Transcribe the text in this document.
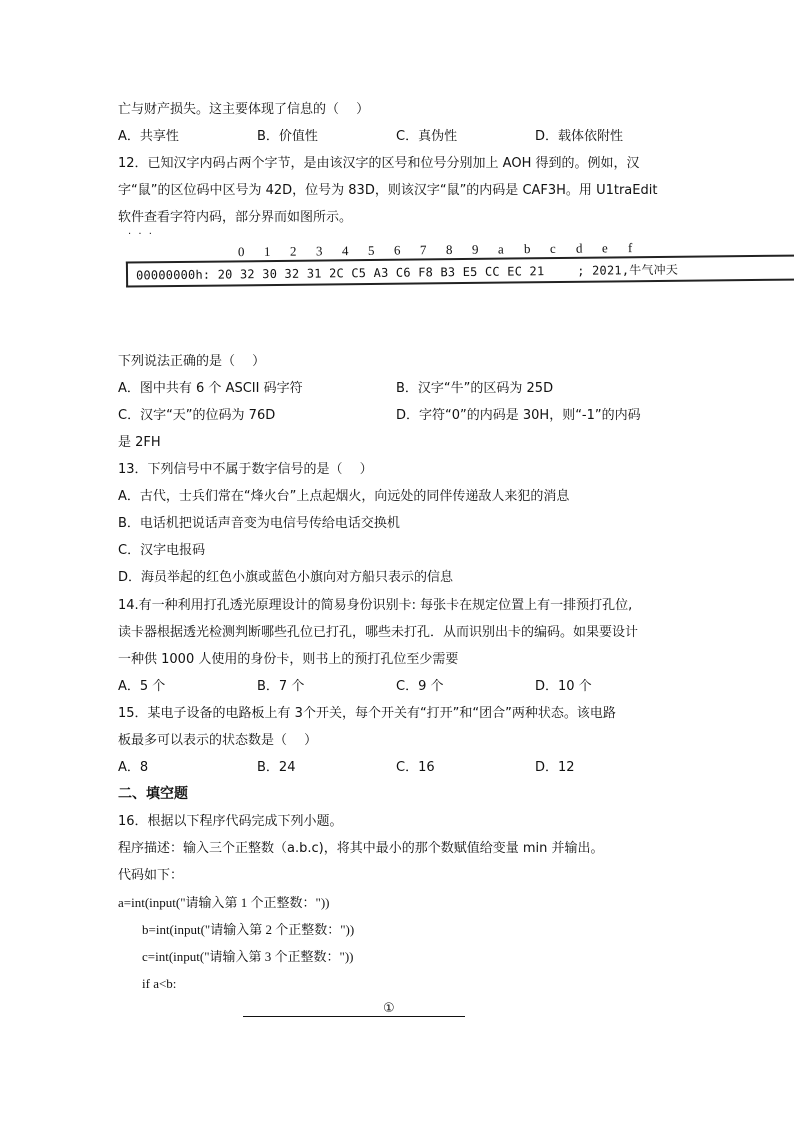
亡与财产损失。这主要体现了信息的（　 ）
A．共享性	B．价值性	C．真伪性	D．载体依附性
12．已知汉字内码占两个字节，是由该汉字的区号和位号分别加上 AOH 得到的。例如，汉
字“鼠”的区位码中区号为 42D，位号为 83D，则该汉字“鼠”的内码是 CAF3H。用 U1traEdit
软件查看字符内码，部分界而如图所示。
· · ·
0 1 2 3 4 5 6 7 8 9 a b c d e f
00000000h: 20 32 30 32 31 2C C5 A3 C6 F8 B3 E5 CC EC 21	; 2021,牛气冲天
下列说法正确的是（　 ）
A．图中共有 6 个 ASCII 码字符	B．汉字“牛”的区码为 25D
C．汉字“天”的位码为 76D	D．字符“0”的内码是 30H，则“-1”的内码
是 2FH
13．下列信号中不属于数字信号的是（　 ）
A．古代，士兵们常在“烽火台”上点起烟火，向远处的同伴传递敌人来犯的消息
B．电话机把说话声音变为电信号传给电话交换机
C．汉字电报码
D．海员举起的红色小旗或蓝色小旗向对方船只表示的信息
14.有一种利用打孔透光原理设计的简易身份识别卡: 每张卡在规定位置上有一排预打孔位,
读卡器根据透光检测判断哪些孔位已打孔，哪些未打孔．从而识别出卡的编码。如果要设计
一种供 1000 人使用的身份卡，则书上的预打孔位至少需要
A．5 个	B．7 个	C．9 个	D．10 个
15．某电子设备的电路板上有 3个开关，每个开关有“打开”和“团合”两种状态。该电路
板最多可以表示的状态数是（　 ）
A．8	B．24	C．16	D．12
二、填空题
16．根据以下程序代码完成下列小题。
程序描述：输入三个正整数（a.b.c)，将其中最小的那个数赋值给变量 min 并输出。
代码如下：
a=int(input("请输入第 1 个正整数："))
b=int(input("请输入第 2 个正整数："))
c=int(input("请输入第 3 个正整数："))
if a<b:
①
